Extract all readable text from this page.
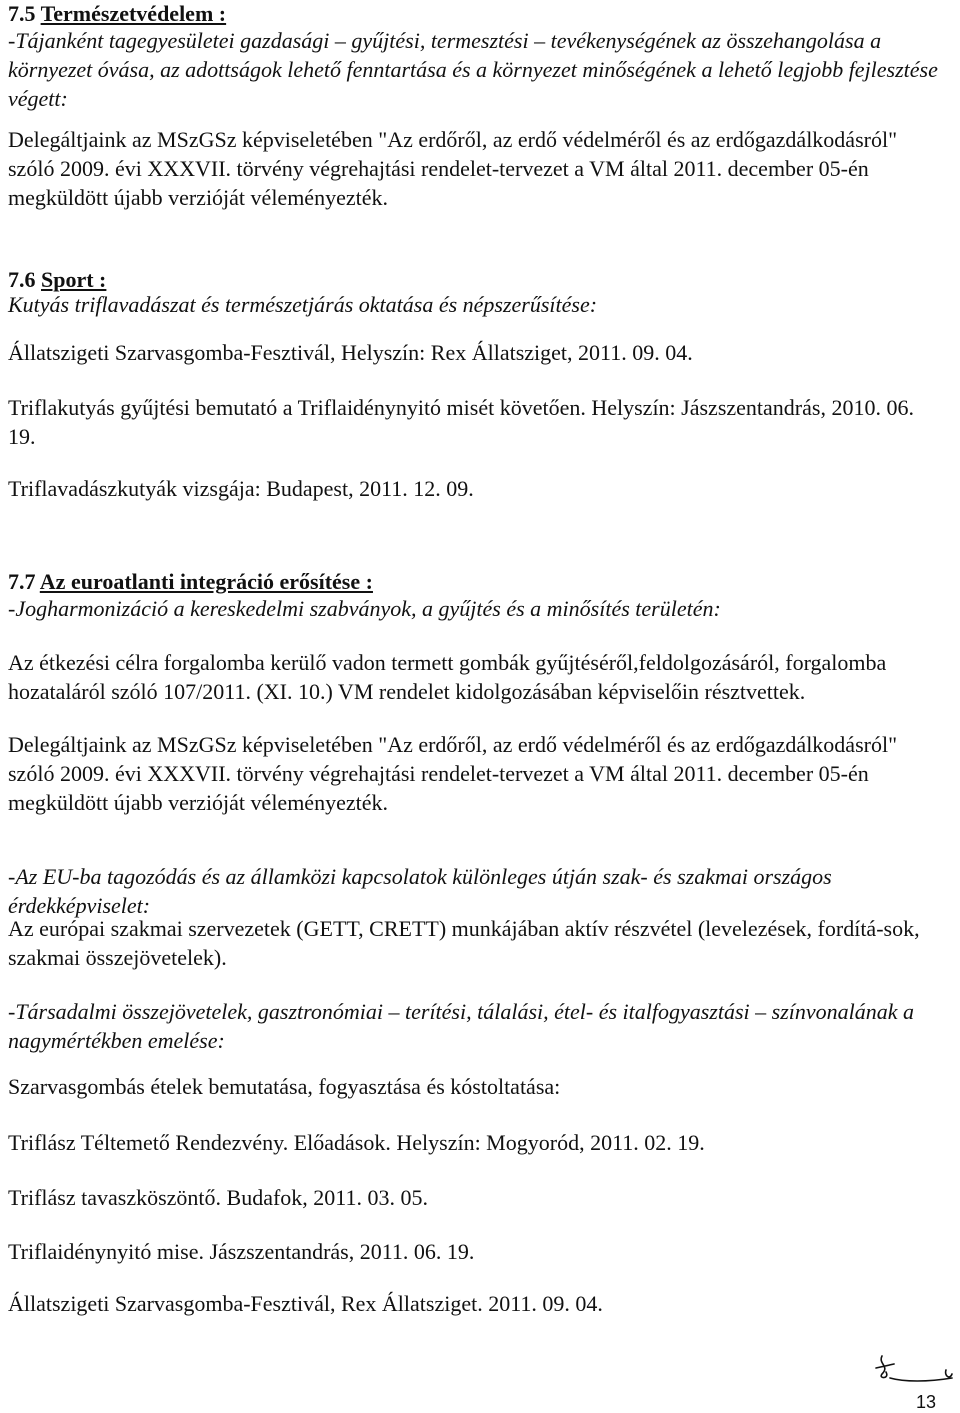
7.5 Természetvédelem :

-Tájanként tagegyesületei gazdasági – gyűjtési, termesztési – tevékenységének az összehangolása a környezet óvása, az adottságok lehető fenntartása és a környezet minőségének a lehető legjobb fejlesztése végett:

Delegáltjaink az MSzGSz képviseletében "Az erdőről, az erdő védelméről és az erdőgazdálkodásról" szóló 2009. évi XXXVII. törvény végrehajtási rendelet-tervezet a VM által 2011. december 05-én megküldött újabb verzióját véleményezték.

7.6 Sport :

Kutyás triflavadászat és természetjárás oktatása és népszerűsítése:

Állatszigeti Szarvasgomba-Fesztivál, Helyszín: Rex Állatsziget, 2011. 09. 04.

Triflakutyás gyűjtési bemutató a Triflaidénynyitó misét követően. Helyszín: Jászszentandrás, 2010. 06. 19.

Triflavadászkutyák vizsgája: Budapest, 2011. 12. 09.

7.7 Az euroatlanti integráció erősítése :

-Jogharmonizáció a kereskedelmi szabványok, a gyűjtés és a minősítés területén:

Az étkezési célra forgalomba kerülő vadon termett gombák gyűjtéséről,feldolgozásáról, forgalomba hozataláról szóló 107/2011. (XI. 10.) VM rendelet kidolgozásában képviselőin résztvettek.

Delegáltjaink az MSzGSz képviseletében "Az erdőről, az erdő védelméről és az erdőgazdálkodásról" szóló 2009. évi XXXVII. törvény végrehajtási rendelet-tervezet a VM által 2011. december 05-én megküldött újabb verzióját véleményezték.

-Az EU-ba tagozódás és az államközi kapcsolatok különleges útján szak- és szakmai országos érdekképviselet:

Az európai szakmai szervezetek (GETT, CRETT) munkájában aktív részvétel (levelezések, fordítá-sok, szakmai összejövetelek).

-Társadalmi összejövetelek, gasztronómiai – terítési, tálalási, étel- és italfogyasztási – színvonalának a nagymértékben emelése:

Szarvasgombás ételek bemutatása, fogyasztása és kóstoltatása:

Triflász Téltemető Rendezvény. Előadások. Helyszín: Mogyoród, 2011. 02. 19.

Triflász tavaszköszöntő. Budafok, 2011. 03. 05.

Triflaidénynyitó mise. Jászszentandrás, 2011. 06. 19.

Állatszigeti Szarvasgomba-Fesztivál, Rex Állatsziget. 2011. 09. 04.

13
